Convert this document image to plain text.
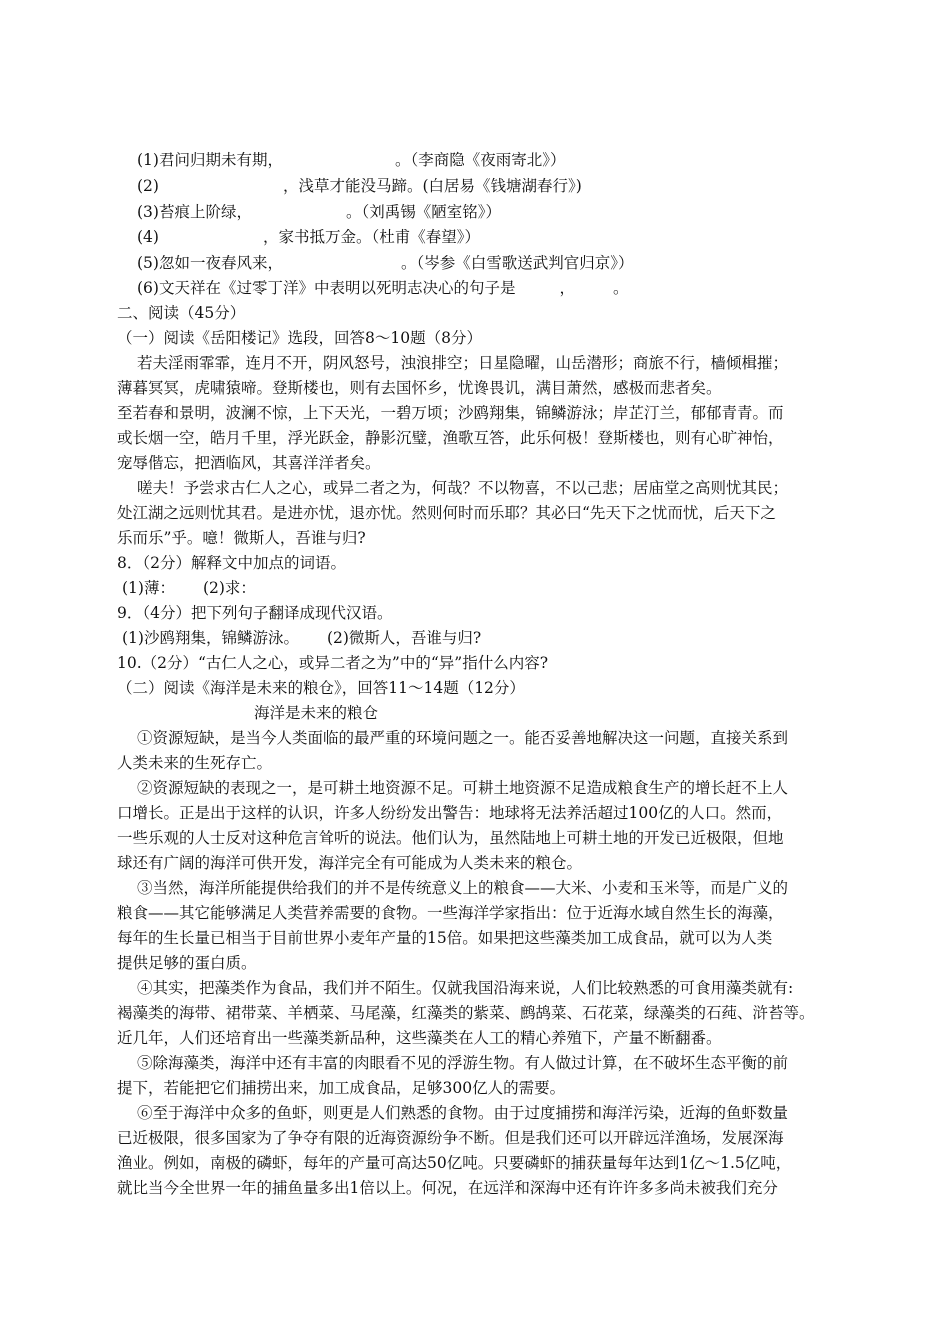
(1)君问归期未有期，	。（李商隐《夜雨寄北》）
(2)	，浅草才能没马蹄。(白居易《钱塘湖春行》)
(3)苔痕上阶绿，	。（刘禹锡《陋室铭》）
(4)	，家书抵万金。（杜甫《春望》）
(5)忽如一夜春风来，	。（岑参《白雪歌送武判官归京》）
(6)文天祥在《过零丁洋》中表明以死明志决心的句子是	， 。
二、阅读（45分）
（一）阅读《岳阳楼记》选段，回答8～10题（8分）
若夫淫雨霏霏，连月不开，阴风怒号，浊浪排空；日星隐曜，山岳潜形；商旅不行，樯倾楫摧；
薄暮冥冥，虎啸猿啼。登斯楼也，则有去国怀乡，忧谗畏讥，满目萧然，感极而悲者矣。
至若春和景明，波澜不惊，上下天光，一碧万顷；沙鸥翔集，锦鳞游泳；岸芷汀兰，郁郁青青。而
或长烟一空，皓月千里，浮光跃金，静影沉璧，渔歌互答，此乐何极！登斯楼也，则有心旷神怡，
宠辱偕忘，把酒临风，其喜洋洋者矣。
嗟夫！予尝求古仁人之心，或异二者之为，何哉？不以物喜，不以己悲；居庙堂之高则忧其民；
处江湖之远则忧其君。是进亦忧，退亦忧。然则何时而乐耶？其必曰“先天下之忧而忧，后天下之
乐而乐”乎。噫！微斯人，吾谁与归?
8．（2分）解释文中加点的词语。
(1)薄： (2)求：
9．（4分）把下列句子翻译成现代汉语。
(1)沙鸥翔集，锦鳞游泳。 (2)微斯人，吾谁与归?
10.（2分）“古仁人之心，或异二者之为”中的“异”指什么内容?
（二）阅读《海洋是未来的粮仓》，回答11～14题（12分）
海洋是未来的粮仓
①资源短缺，是当今人类面临的最严重的环境问题之一。能否妥善地解决这一问题，直接关系到
人类未来的生死存亡。
②资源短缺的表现之一，是可耕土地资源不足。可耕土地资源不足造成粮食生产的增长赶不上人
口增长。正是出于这样的认识，许多人纷纷发出警告：地球将无法养活超过100亿的人口。然而，
一些乐观的人士反对这种危言耸听的说法。他们认为，虽然陆地上可耕土地的开发已近极限，但地
球还有广阔的海洋可供开发，海洋完全有可能成为人类未来的粮仓。
③当然，海洋所能提供给我们的并不是传统意义上的粮食——大米、小麦和玉米等，而是广义的
粮食——其它能够满足人类营养需要的食物。一些海洋学家指出：位于近海水域自然生长的海藻，
每年的生长量已相当于目前世界小麦年产量的15倍。如果把这些藻类加工成食品，就可以为人类
提供足够的蛋白质。
④其实，把藻类作为食品，我们并不陌生。仅就我国沿海来说，人们比较熟悉的可食用藻类就有:
褐藻类的海带、裙带菜、羊栖菜、马尾藻，红藻类的紫菜、鹧鸪菜、石花菜，绿藻类的石莼、浒苔等。
近几年，人们还培育出一些藻类新品种，这些藻类在人工的精心养殖下，产量不断翻番。
⑤除海藻类，海洋中还有丰富的肉眼看不见的浮游生物。有人做过计算，在不破坏生态平衡的前
提下，若能把它们捕捞出来，加工成食品，足够300亿人的需要。
⑥至于海洋中众多的鱼虾，则更是人们熟悉的食物。由于过度捕捞和海洋污染，近海的鱼虾数量
已近极限，很多国家为了争夺有限的近海资源纷争不断。但是我们还可以开辟远洋渔场，发展深海
渔业。例如，南极的磷虾，每年的产量可高达50亿吨。只要磷虾的捕获量每年达到1亿～1.5亿吨，
就比当今全世界一年的捕鱼量多出1倍以上。何况，在远洋和深海中还有许许多多尚未被我们充分
